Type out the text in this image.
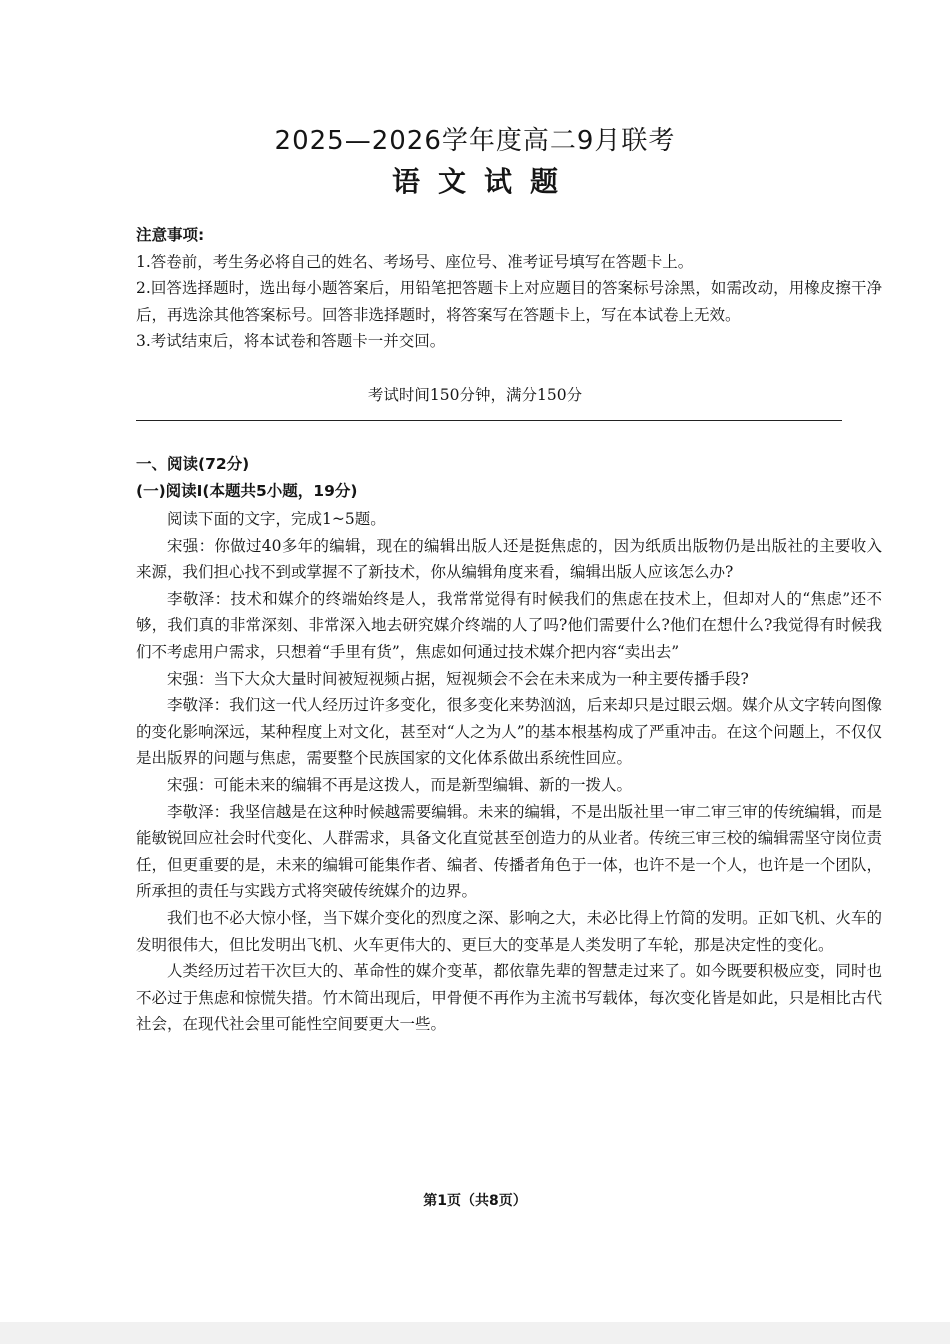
2025—2026学年度高二9月联考
语文试题

注意事项:

1.答卷前，考生务必将自己的姓名、考场号、座位号、准考证号填写在答题卡上。

2.回答选择题时，选出每小题答案后，用铅笔把答题卡上对应题目的答案标号涂黑，如需改动，用橡皮擦干净后，再选涂其他答案标号。回答非选择题时，将答案写在答题卡上，写在本试卷上无效。

3.考试结束后，将本试卷和答题卡一并交回。

考试时间150分钟，满分150分
一、阅读(72分)
(一)阅读Ⅰ(本题共5小题，19分)

阅读下面的文字，完成1~5题。

宋强：你做过40多年的编辑，现在的编辑出版人还是挺焦虑的，因为纸质出版物仍是出版社的主要收入来源，我们担心找不到或掌握不了新技术，你从编辑角度来看，编辑出版人应该怎么办?

李敬泽：技术和媒介的终端始终是人，我常常觉得有时候我们的焦虑在技术上，但却对人的“焦虑”还不够，我们真的非常深刻、非常深入地去研究媒介终端的人了吗?他们需要什么?他们在想什么?我觉得有时候我们不考虑用户需求，只想着“手里有货”，焦虑如何通过技术媒介把内容“卖出去”

宋强：当下大众大量时间被短视频占据，短视频会不会在未来成为一种主要传播手段?

李敬泽：我们这一代人经历过许多变化，很多变化来势汹汹，后来却只是过眼云烟。媒介从文字转向图像的变化影响深远，某种程度上对文化，甚至对“人之为人”的基本根基构成了严重冲击。在这个问题上，不仅仅是出版界的问题与焦虑，需要整个民族国家的文化体系做出系统性回应。

宋强：可能未来的编辑不再是这拨人，而是新型编辑、新的一拨人。

李敬泽：我坚信越是在这种时候越需要编辑。未来的编辑，不是出版社里一审二审三审的传统编辑，而是能敏锐回应社会时代变化、人群需求，具备文化直觉甚至创造力的从业者。传统三审三校的编辑需坚守岗位责任，但更重要的是，未来的编辑可能集作者、编者、传播者角色于一体，也许不是一个人，也许是一个团队，所承担的责任与实践方式将突破传统媒介的边界。

我们也不必大惊小怪，当下媒介变化的烈度之深、影响之大，未必比得上竹简的发明。正如飞机、火车的发明很伟大，但比发明出飞机、火车更伟大的、更巨大的变革是人类发明了车轮，那是决定性的变化。

人类经历过若干次巨大的、革命性的媒介变革，都依靠先辈的智慧走过来了。如今既要积极应变，同时也不必过于焦虑和惊慌失措。竹木简出现后，甲骨便不再作为主流书写载体，每次变化皆是如此，只是相比古代社会，在现代社会里可能性空间要更大一些。

第1页（共8页）
